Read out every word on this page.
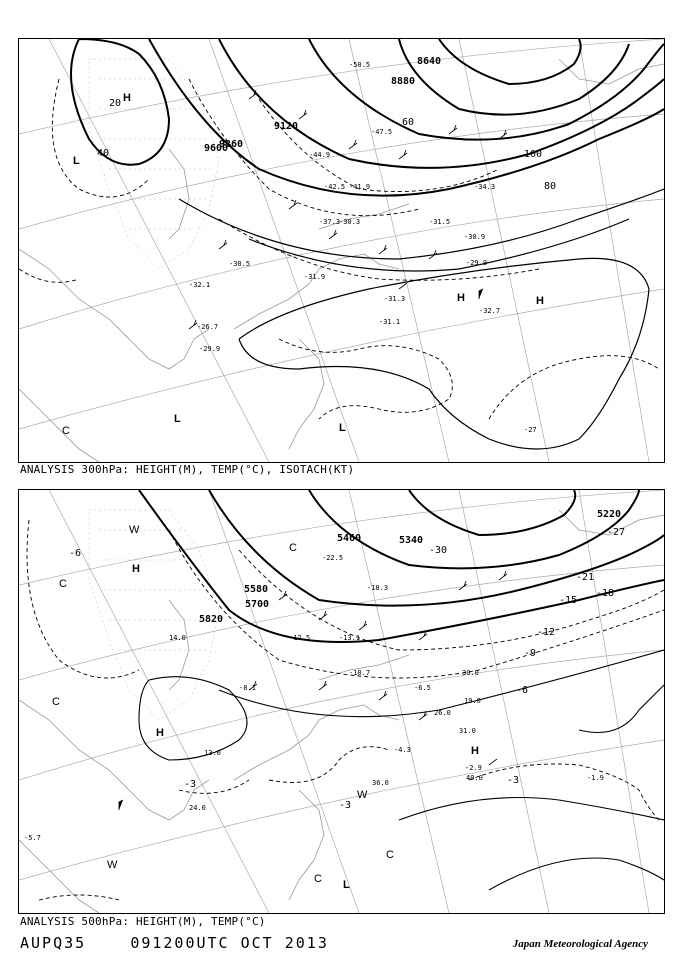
8640
8880
9120
9360
9600
20
40
60
80
100
H
L
H	H
L
C	L
-50.5
-47.5
-44.9
-42.5 -41.9
-37.3
-34.3
-31.5
-30.3
-30.9
-29.9
-32.1
-32.7
-31.3
-31.1
-31.9
-29.9
-30.5
-26.7
-27
ANALYSIS 300hPa: HEIGHT(M), TEMP(°C), ISOTACH(KT)
5220
5340
5460
5580
5700
5820
-30
-27
-21
-18
-15
-12
-9
-6
-3
-3
-6
-3
W
H
C
C
H
H
C
W
C
L
W
C
-22.5
-18.3
-13.1
-12.5
-10.7
-8.1	-6.5
-4.3
-2.9
-1.9
-5.7
14.0
19.0
24.0
31.0
36.0
40.0
30.0
26.0
13.0
ANALYSIS 500hPa: HEIGHT(M), TEMP(°C)
AUPQ35	091200UTC OCT 2013	Japan Meteorological Agency
